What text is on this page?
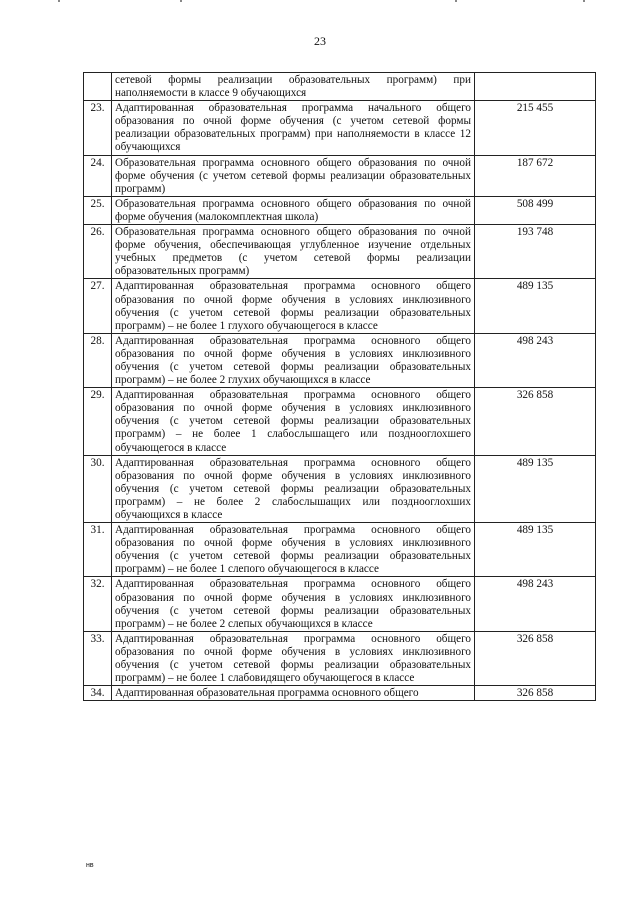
23
	сетевой формы реализации образовательных программ) при наполняемости в классе 9 обучающихся	
23.	Адаптированная образовательная программа начального общего образования по очной форме обучения (с учетом сетевой формы реализации образовательных программ) при наполняемости в классе 12 обучающихся	215 455
24.	Образовательная программа основного общего образования по очной форме обучения (с учетом сетевой формы реализации образовательных программ)	187 672
25.	Образовательная программа основного общего образования по очной форме обучения (малокомплектная школа)	508 499
26.	Образовательная программа основного общего образования по очной форме обучения, обеспечивающая углубленное изучение отдельных учебных предметов (с учетом сетевой формы реализации образовательных программ)	193 748
27.	Адаптированная образовательная программа основного общего образования по очной форме обучения в условиях инклюзивного обучения (с учетом сетевой формы реализации образовательных программ) – не более 1 глухого обучающегося в классе	489 135
28.	Адаптированная образовательная программа основного общего образования по очной форме обучения в условиях инклюзивного обучения (с учетом сетевой формы реализации образовательных программ) – не более 2 глухих обучающихся в классе	498 243
29.	Адаптированная образовательная программа основного общего образования по очной форме обучения в условиях инклюзивного обучения (с учетом сетевой формы реализации образовательных программ) – не более 1 слабослышащего или позднооглохшего обучающегося в классе	326 858
30.	Адаптированная образовательная программа основного общего образования по очной форме обучения в условиях инклюзивного обучения (с учетом сетевой формы реализации образовательных программ) – не более 2 слабослышащих или позднооглохших обучающихся в классе	489 135
31.	Адаптированная образовательная программа основного общего образования по очной форме обучения в условиях инклюзивного обучения (с учетом сетевой формы реализации образовательных программ) – не более 1 слепого обучающегося в классе	489 135
32.	Адаптированная образовательная программа основного общего образования по очной форме обучения в условиях инклюзивного обучения (с учетом сетевой формы реализации образовательных программ) – не более 2 слепых обучающихся в классе	498 243
33.	Адаптированная образовательная программа основного общего образования по очной форме обучения в условиях инклюзивного обучения (с учетом сетевой формы реализации образовательных программ) – не более 1 слабовидящего обучающегося в классе	326 858
34.	Адаптированная образовательная программа основного общего	326 858
нв
